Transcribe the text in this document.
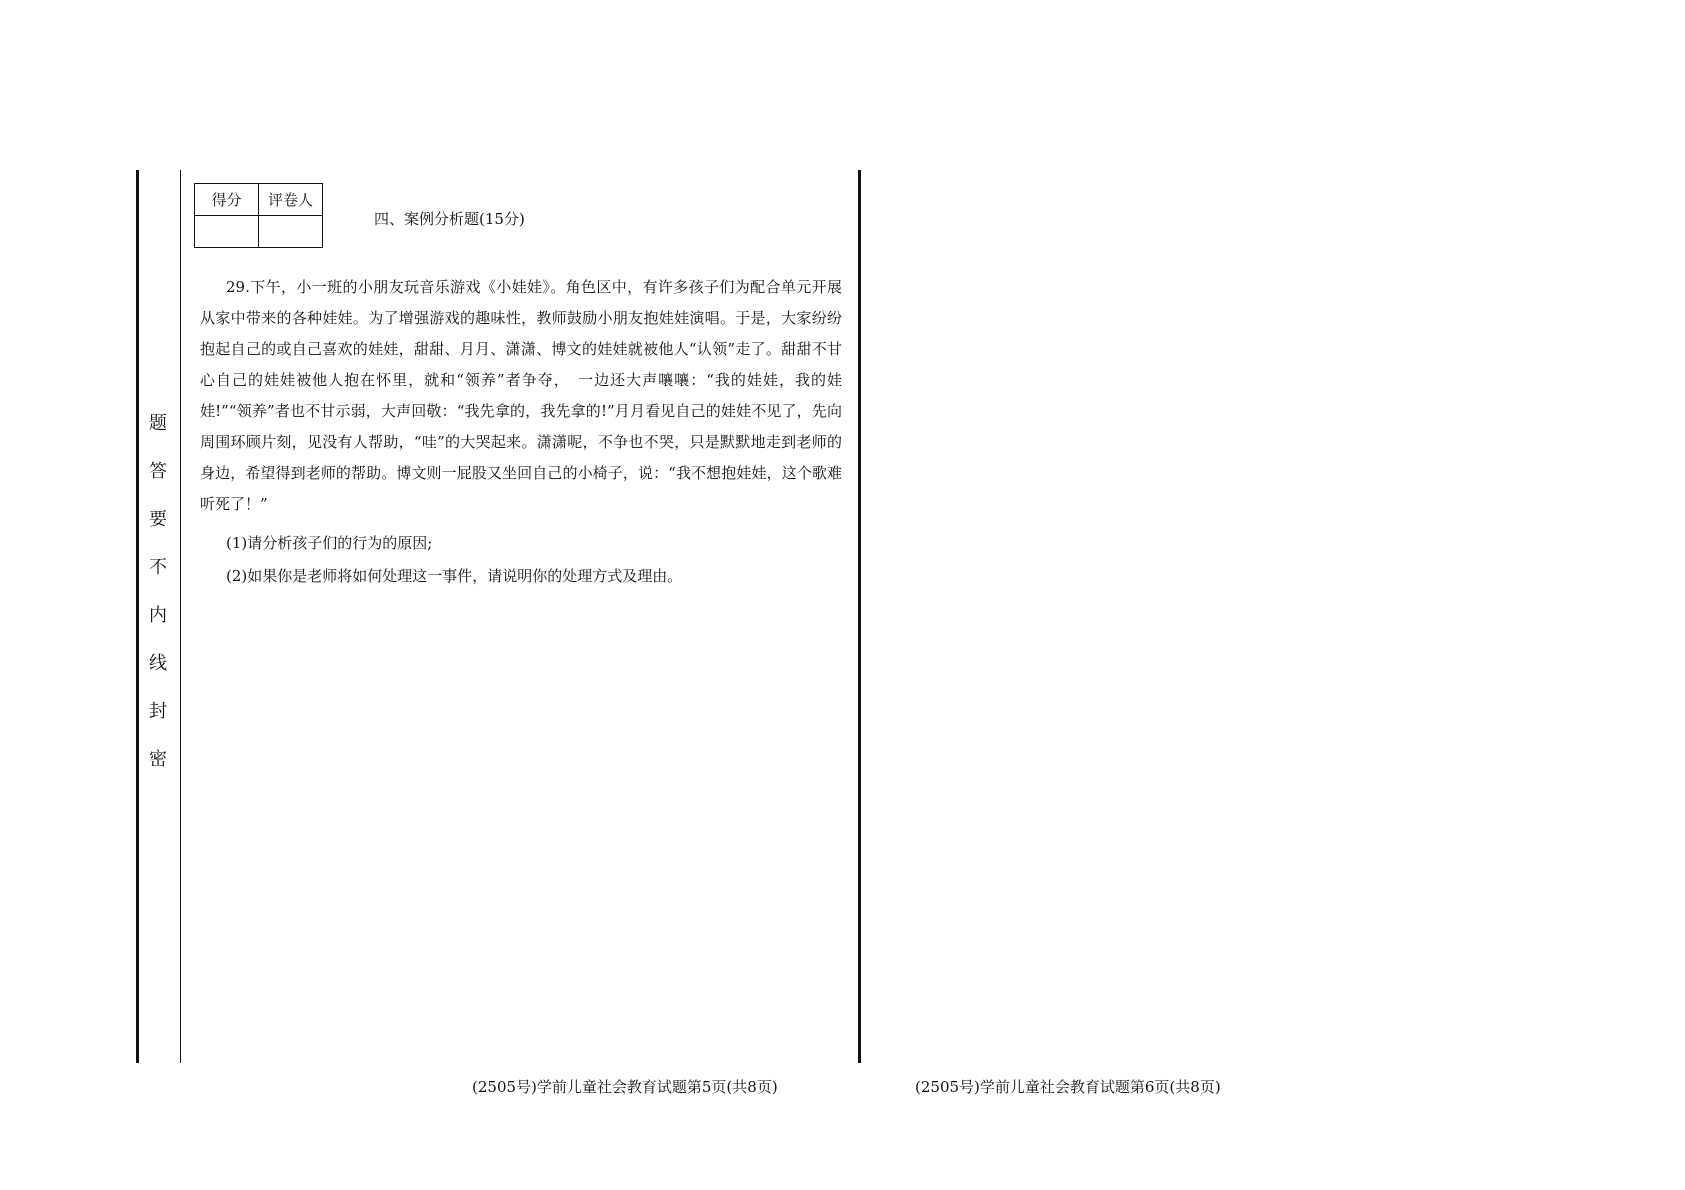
题
答
要
不
内
线
封
密
得分	评卷人

四、案例分析题(15分)

29.下午，小一班的小朋友玩音乐游戏《小娃娃》。角色区中，有许多孩子们为配合单元开展从家中带来的各种娃娃。为了增强游戏的趣味性，教师鼓励小朋友抱娃娃演唱。于是，大家纷纷抱起自己的或自己喜欢的娃娃，甜甜、月月、潇潇、博文的娃娃就被他人“认领”走了。甜甜不甘心自己的娃娃被他人抱在怀里，就和“领养”者争夺，　一边还大声嚷嚷：“我的娃娃，我的娃娃!”“领养”者也不甘示弱，大声回敬：“我先拿的，我先拿的!”月月看见自己的娃娃不见了，先向周围环顾片刻，见没有人帮助，“哇”的大哭起来。潇潇呢，不争也不哭，只是默默地走到老师的身边，希望得到老师的帮助。博文则一屁股又坐回自己的小椅子，说：“我不想抱娃娃，这个歌难听死了！”

(1)请分析孩子们的行为的原因;
(2)如果你是老师将如何处理这一事件，请说明你的处理方式及理由。
(2505号)学前儿童社会教育试题第5页(共8页)	(2505号)学前儿童社会教育试题第6页(共8页)
